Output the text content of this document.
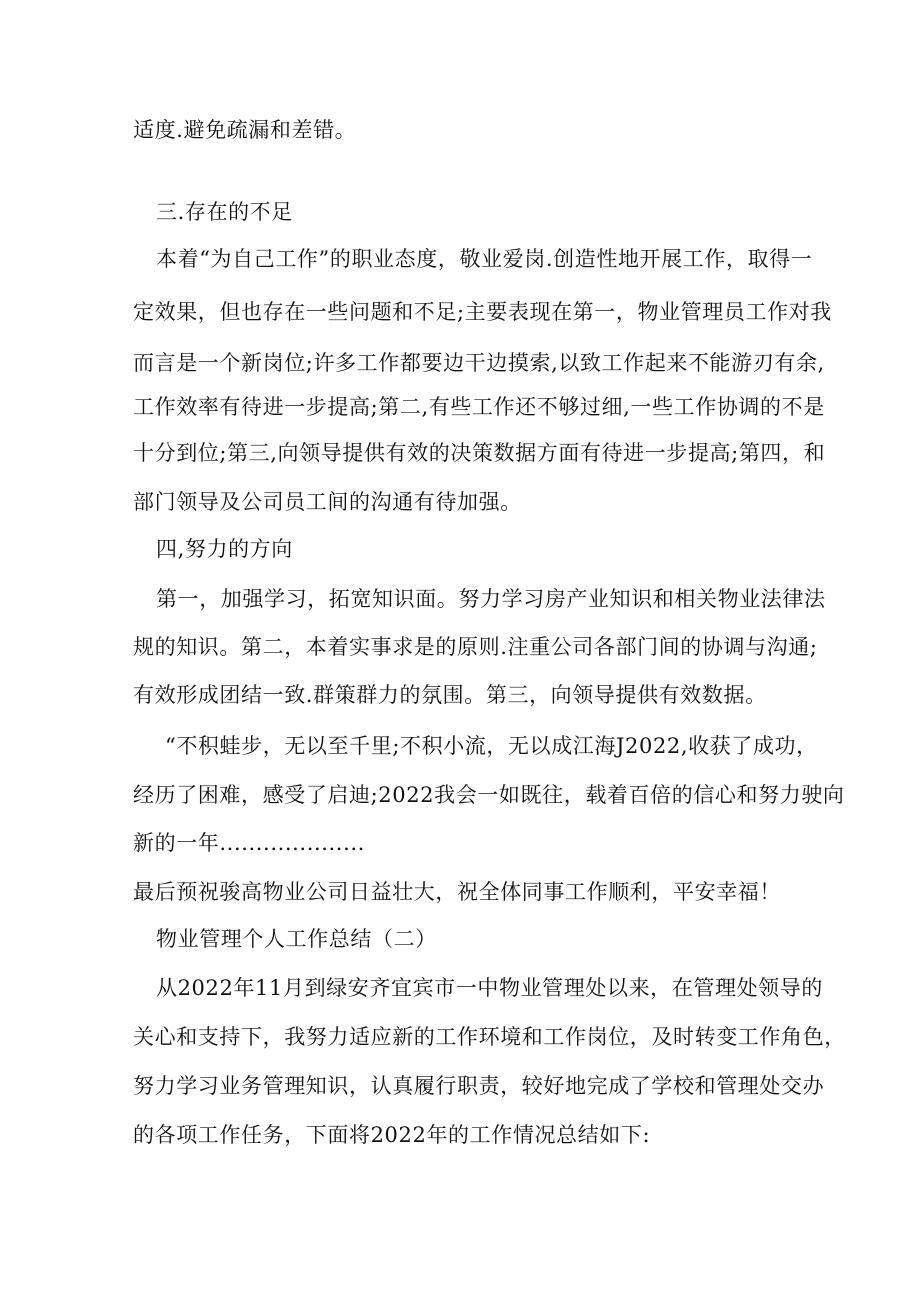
适度.避免疏漏和差错。

三.存在的不足

本着“为自己工作”的职业态度，敬业爱岗.创造性地开展工作，取得一

定效果，但也存在一些问题和不足;主要表现在第一，物业管理员工作对我

而言是一个新岗位;许多工作都要边干边摸索,以致工作起来不能游刃有余,

工作效率有待进一步提高;第二,有些工作还不够过细,一些工作协调的不是

十分到位;第三,向领导提供有效的决策数据方面有待进一步提高;第四，和

部门领导及公司员工间的沟通有待加强。

四,努力的方向

第一，加强学习，拓宽知识面。努力学习房产业知识和相关物业法律法

规的知识。第二，本着实事求是的原则.注重公司各部门间的协调与沟通;

有效形成团结一致.群策群力的氛围。第三，向领导提供有效数据。

“不积蛙步，无以至千里;不积小流，无以成江海J2022,收获了成功，

经历了困难，感受了启迪;2022我会一如既往，载着百倍的信心和努力驶向

新的一年....................

最后预祝骏高物业公司日益壮大，祝全体同事工作顺利，平安幸福！

物业管理个人工作总结（二）

从2022年11月到绿安齐宜宾市一中物业管理处以来，在管理处领导的

关心和支持下，我努力适应新的工作环境和工作岗位，及时转变工作角色，

努力学习业务管理知识，认真履行职责，较好地完成了学校和管理处交办

的各项工作任务，下面将2022年的工作情况总结如下:
